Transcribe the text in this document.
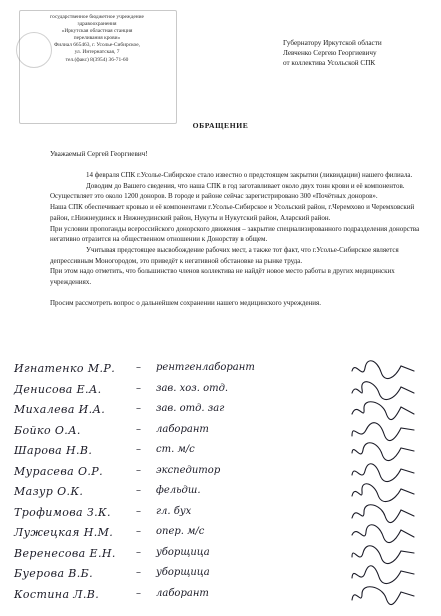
государственное бюджетное учреждение
здравоохранения
«Иркутская областная станция
переливания крови»
Филиал 665463, г. Усолье-Сибирское,
ул. Интернатская, 7
тел.(факс) 8(3954) 36-71-60
Губернатору Иркутской области
Левченко Сергею Георгиевичу
от коллектива Усольской СПК
ОБРАЩЕНИЕ
Уважаемый Сергей Георгиевич!

14 февраля СПК г.Усолье-Сибирское стало известно о предстоящем закрытии (ликвидации) нашего филиала.

Доводим до Вашего сведения, что наша СПК в год заготавливает около двух тонн крови и её компонентов. Осуществляет это около 1200 доноров. В городе и районе сейчас зарегистрировано 300 «Почётных доноров».

Наша СПК обеспечивает кровью и её компонентами г.Усолье-Сибирское и Усольский район, г.Черемхово и Черемховский район, г.Нижнеудинск и Нижнеудинский район, Нукуты и Нукутский район, Аларский район.

При условии пропоганды всероссийского донорского движения – закрытие специализированного подразделения донорства негативно отразится на общественном отношении к Донорству в общем.

Учитывая предстоящее высвобождение рабочих мест, а также тот факт, что г.Усолье-Сибирское является депрессивным Моногородом, это приведёт к негативной обстановке на рынке труда.

При этом надо отметить, что большинство членов коллектива не найдёт новое место работы в других медицинских учреждениях.

Просим рассмотреть вопрос о дальнейшем сохранении нашего медицинского учреждения.

Игнатенко М.Р. – рентгенлаборант
Денисова Е.А.	– зав. хоз. отд.
Михалева И.А.	– зав. отд. заг
Бойко О.А.	– лаборант
Шарова Н.В.	– ст. м/с
Мурасева О.Р.	– экспедитор
Мазур О.К.	– фельдш.
Трофимова З.К.	– гл. бух
Лужецкая Н.М. – опер. м/с
Веренесова Е.Н. – уборщица
Буерова В.Б.	– уборщица
Костина Л.В.	– лаборант
